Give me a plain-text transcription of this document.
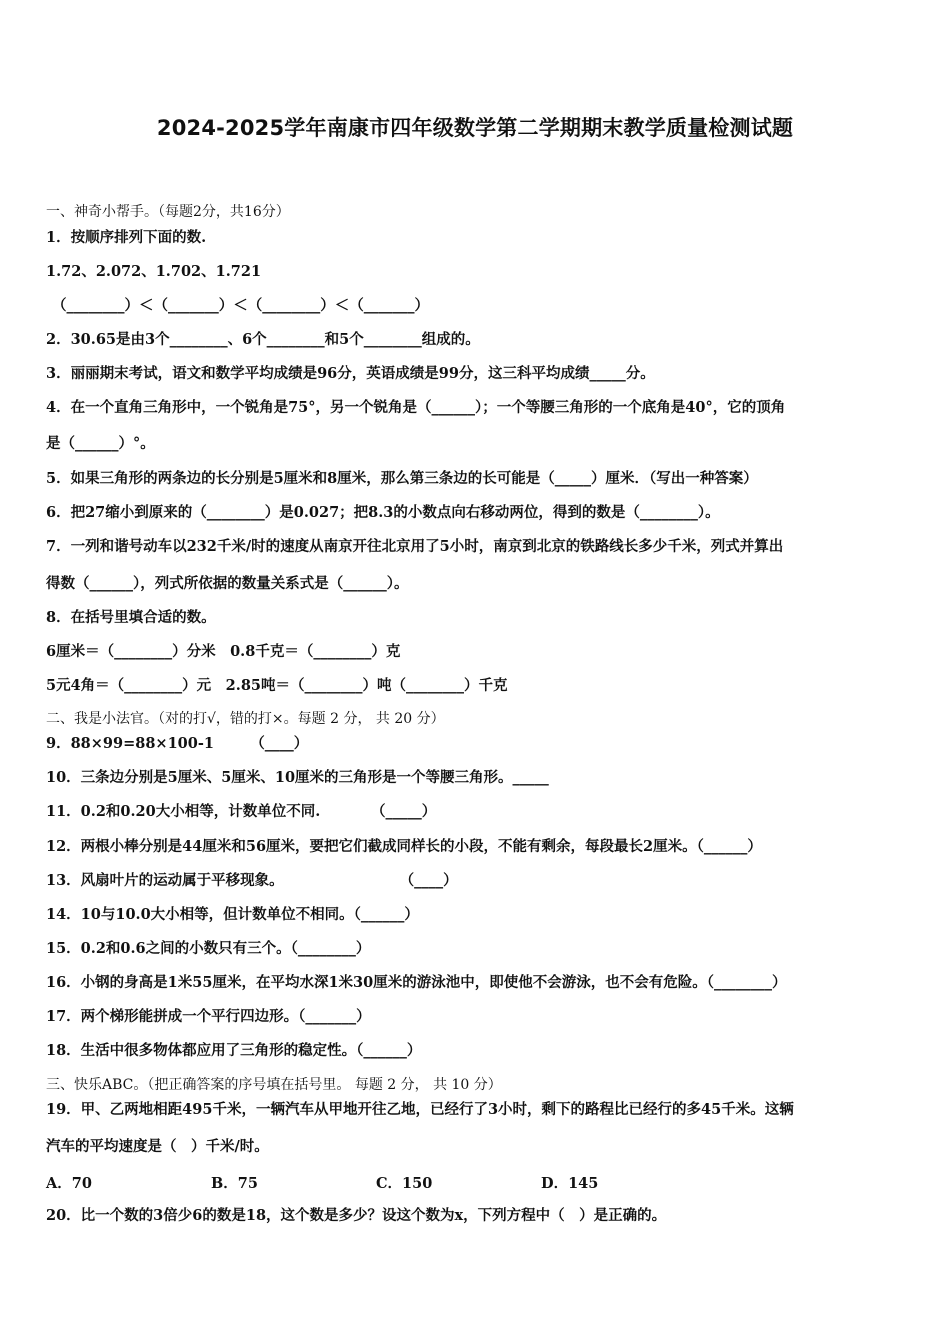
2024-2025学年南康市四年级数学第二学期期末教学质量检测试题
一、神奇小帮手。（每题2分，共16分）
1．按顺序排列下面的数.
1.72、2.072、1.702、1.721
（________）＜（_______）＜（________）＜（_______）
2．30.65是由3个________、6个________和5个________组成的。
3．丽丽期末考试，语文和数学平均成绩是96分，英语成绩是99分，这三科平均成绩_____分。
4．在一个直角三角形中，一个锐角是75°，另一个锐角是（______）；一个等腰三角形的一个底角是40°，它的顶角
是（______）°。
5．如果三角形的两条边的长分别是5厘米和8厘米，那么第三条边的长可能是（_____）厘米．（写出一种答案）
6．把27缩小到原来的（________）是0.027；把8.3的小数点向右移动两位，得到的数是（________）。
7．一列和谐号动车以232千米/时的速度从南京开往北京用了5小时，南京到北京的铁路线长多少千米，列式并算出
得数（______），列式所依据的数量关系式是（______）。
8．在括号里填合适的数。
6厘米＝（________）分米　0.8千克＝（________）克
5元4角＝（________）元　2.85吨＝（________）吨（________）千克
二、我是小法官。（对的打√，错的打×。每题 2 分， 共 20 分）
9．88×99=88×100-1　　　（____）
10．三条边分别是5厘米、5厘米、10厘米的三角形是一个等腰三角形。_____
11．0.2和0.20大小相等，计数单位不同.　　　　（_____）
12．两根小棒分别是44厘米和56厘米，要把它们截成同样长的小段，不能有剩余，每段最长2厘米。（______）
13．风扇叶片的运动属于平移现象。　　　　　　　　　（____）
14．10与10.0大小相等，但计数单位不相同。（______）
15．0.2和0.6之间的小数只有三个。（________）
16．小钢的身高是1米55厘米，在平均水深1米30厘米的游泳池中，即使他不会游泳，也不会有危险。（________）
17．两个梯形能拼成一个平行四边形。（_______）
18．生活中很多物体都应用了三角形的稳定性。（______）
三、快乐ABC。（把正确答案的序号填在括号里。 每题 2 分， 共 10 分）
19．甲、乙两地相距495千米，一辆汽车从甲地开往乙地，已经行了3小时，剩下的路程比已经行的多45千米。这辆
汽车的平均速度是（　）千米/时。
A．70	B．75	C．150	D．145
20．比一个数的3倍少6的数是18，这个数是多少？设这个数为x，下列方程中（　）是正确的。
